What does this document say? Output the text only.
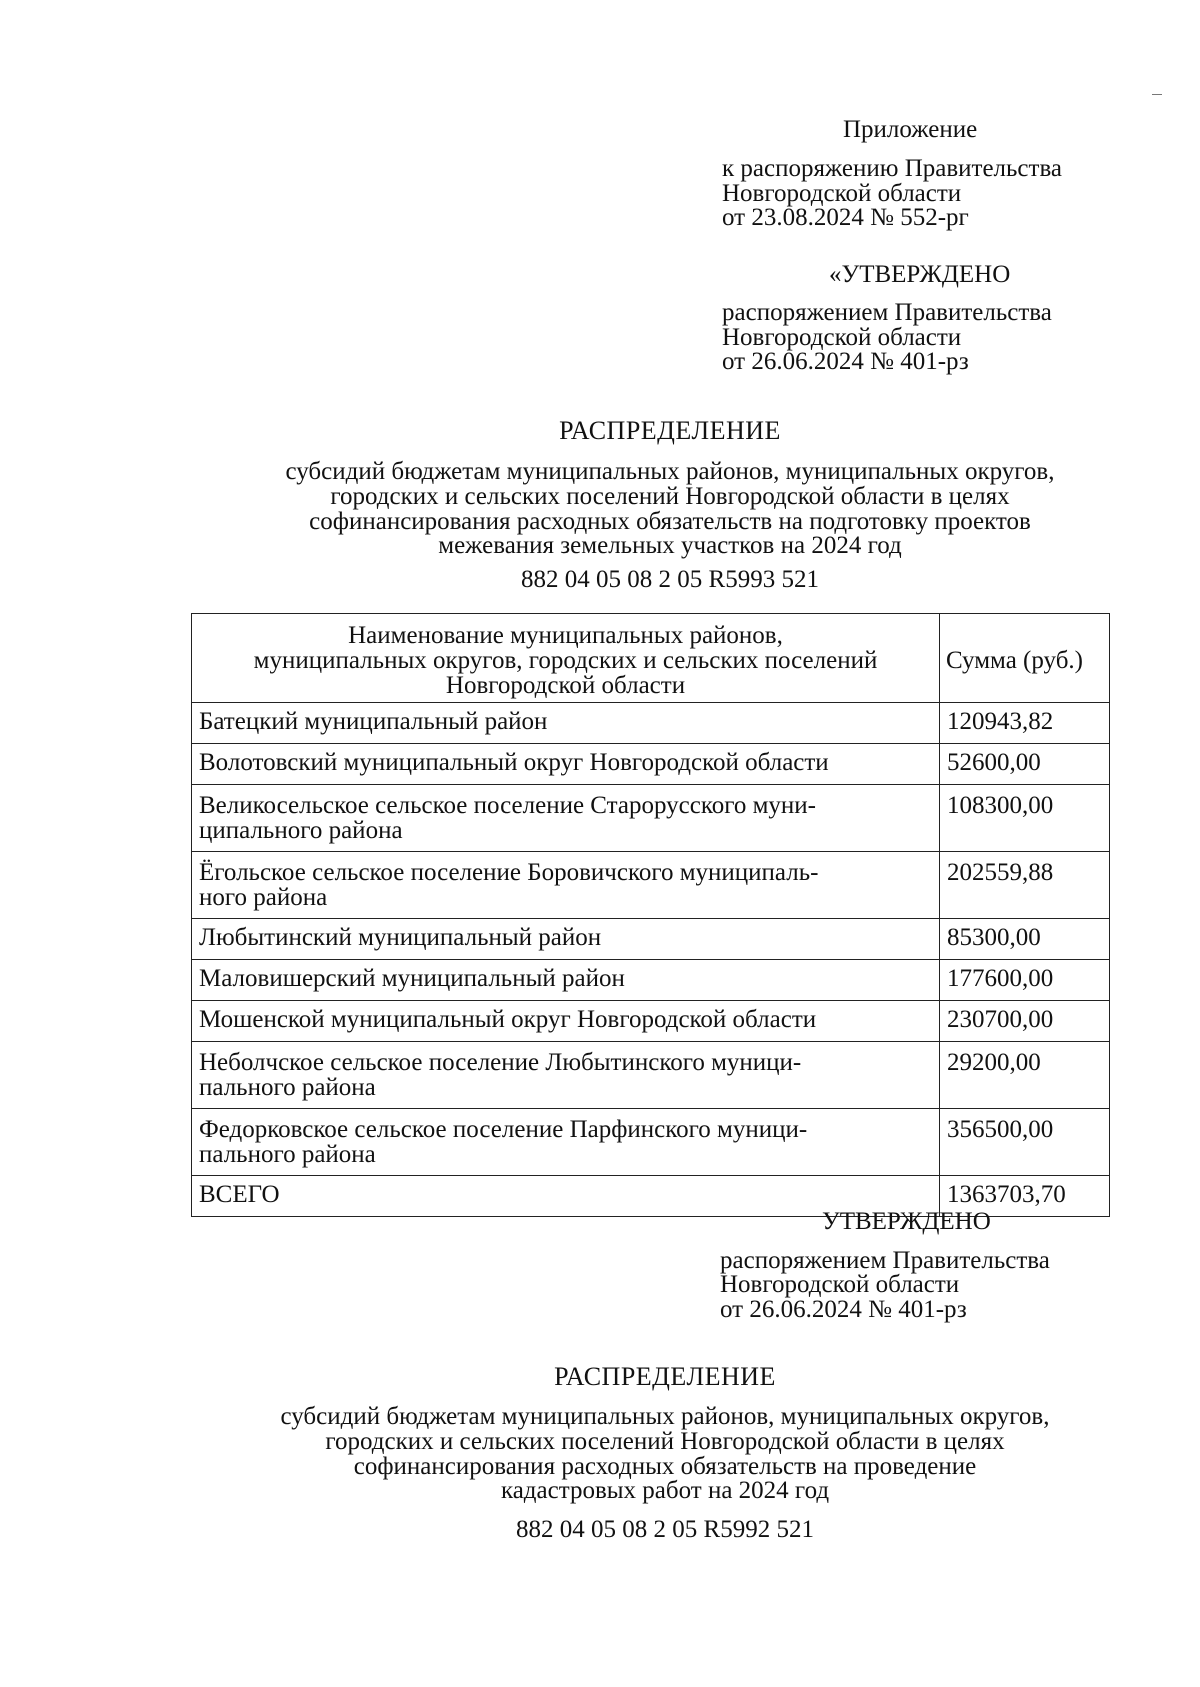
Приложение
к распоряжению Правительства
Новгородской области
от 23.08.2024 № 552-рг
«УТВЕРЖДЕНО
распоряжением Правительства
Новгородской области
от 26.06.2024 № 401-рз
РАСПРЕДЕЛЕНИЕ
субсидий бюджетам муниципальных районов, муниципальных округов,
городских и сельских поселений Новгородской области в целях
софинансирования расходных обязательств на подготовку проектов
межевания земельных участков на 2024 год
882 04 05 08 2 05 R5993 521
Наименование муниципальных районов,
муниципальных округов, городских и сельских поселений
Новгородской области	Сумма (руб.)

Батецкий муниципальный район	120943,82

Волотовский муниципальный округ Новгородской области	52600,00

Великосельское сельское поселение Старорусского муни-
ципального района	108300,00

Ёгольское сельское поселение Боровичского муниципаль-
ного района	202559,88

Любытинский муниципальный район	85300,00

Маловишерский муниципальный район	177600,00

Мошенской муниципальный округ Новгородской области	230700,00

Неболчское сельское поселение Любытинского муници-
пального района	29200,00

Федорковское сельское поселение Парфинского муници-
пального района	356500,00

ВСЕГО	1363703,70
УТВЕРЖДЕНО
распоряжением Правительства
Новгородской области
от 26.06.2024 № 401-рз
РАСПРЕДЕЛЕНИЕ
субсидий бюджетам муниципальных районов, муниципальных округов,
городских и сельских поселений Новгородской области в целях
софинансирования расходных обязательств на проведение
кадастровых работ на 2024 год
882 04 05 08 2 05 R5992 521
